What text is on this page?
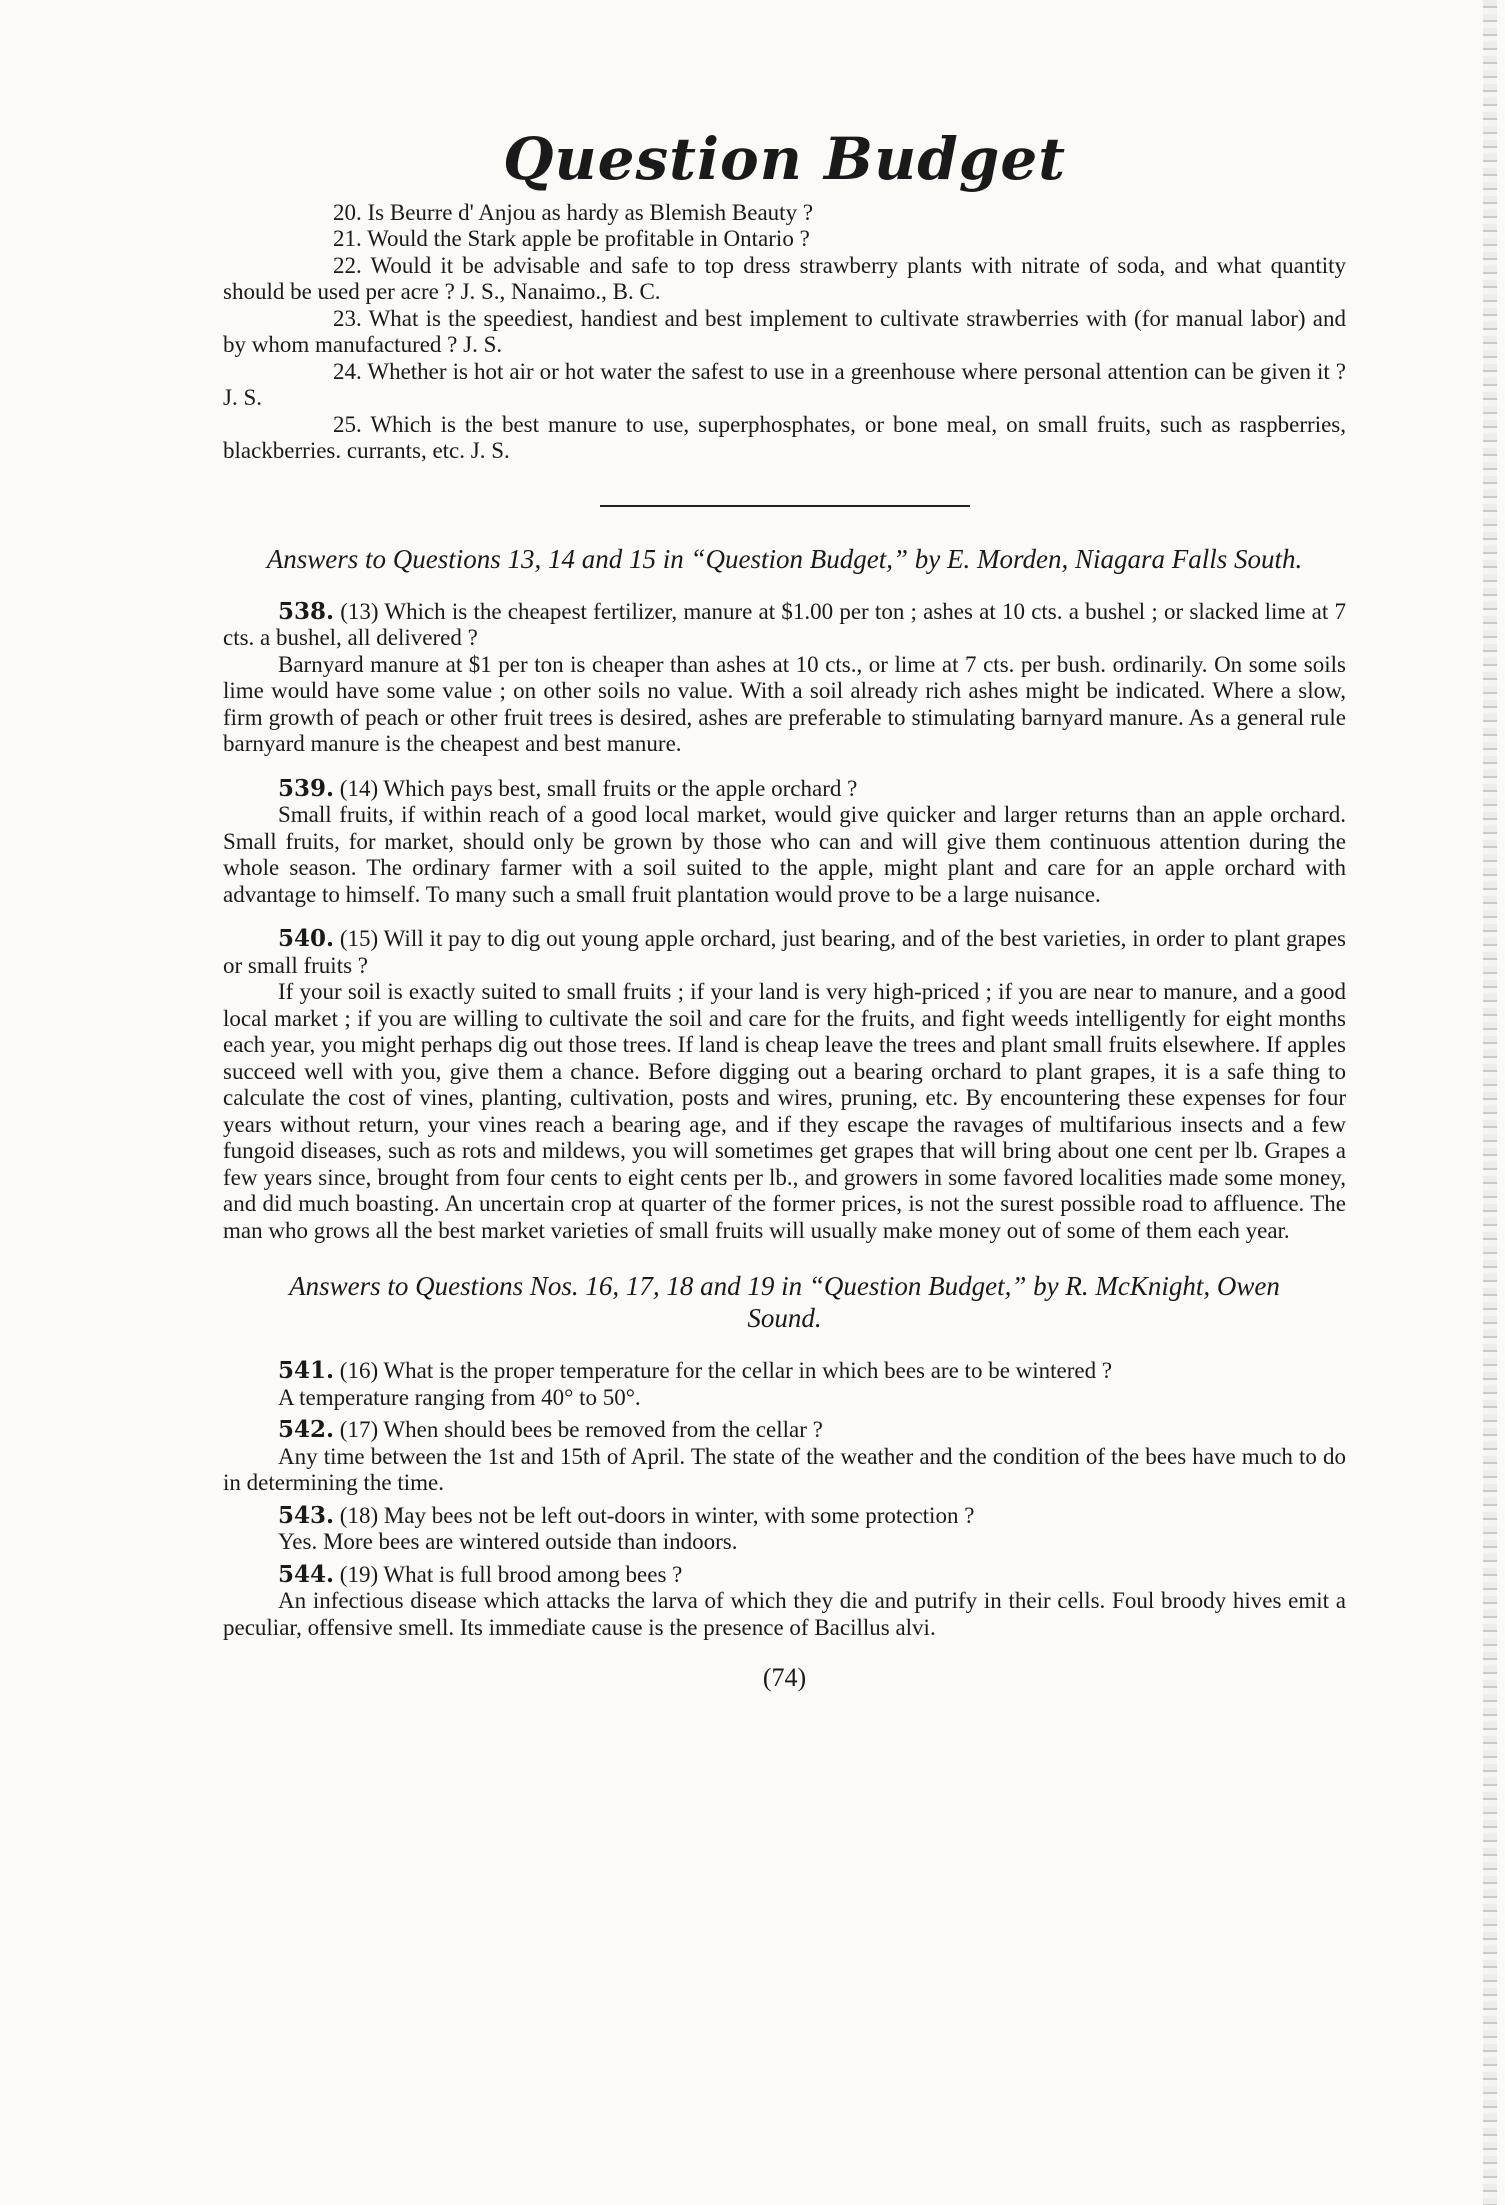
Question Budget

20. Is Beurre d' Anjou as hardy as Blemish Beauty ?

21. Would the Stark apple be profitable in Ontario ?

22. Would it be advisable and safe to top dress strawberry plants with nitrate of soda, and what quantity should be used per acre ? J. S., Nanaimo., B. C.

23. What is the speediest, handiest and best implement to cultivate strawberries with (for manual labor) and by whom manufactured ? J. S.

24. Whether is hot air or hot water the safest to use in a greenhouse where personal attention can be given it ? J. S.

25. Which is the best manure to use, superphosphates, or bone meal, on small fruits, such as raspberries, blackberries. currants, etc. J. S.

Answers to Questions 13, 14 and 15 in “Question Budget,” by E. Morden, Niagara Falls South.

538. (13) Which is the cheapest fertilizer, manure at $1.00 per ton ; ashes at 10 cts. a bushel ; or slacked lime at 7 cts. a bushel, all delivered ?

Barnyard manure at $1 per ton is cheaper than ashes at 10 cts., or lime at 7 cts. per bush. ordinarily. On some soils lime would have some value ; on other soils no value. With a soil already rich ashes might be indicated. Where a slow, firm growth of peach or other fruit trees is desired, ashes are preferable to stimulating barnyard manure. As a general rule barnyard manure is the cheapest and best manure.

539. (14) Which pays best, small fruits or the apple orchard ?

Small fruits, if within reach of a good local market, would give quicker and larger returns than an apple orchard. Small fruits, for market, should only be grown by those who can and will give them continuous attention during the whole season. The ordinary farmer with a soil suited to the apple, might plant and care for an apple orchard with advantage to himself. To many such a small fruit plantation would prove to be a large nuisance.

540. (15) Will it pay to dig out young apple orchard, just bearing, and of the best varieties, in order to plant grapes or small fruits ?

If your soil is exactly suited to small fruits ; if your land is very high-priced ; if you are near to manure, and a good local market ; if you are willing to cultivate the soil and care for the fruits, and fight weeds intelligently for eight months each year, you might perhaps dig out those trees. If land is cheap leave the trees and plant small fruits elsewhere. If apples succeed well with you, give them a chance. Before digging out a bearing orchard to plant grapes, it is a safe thing to calculate the cost of vines, planting, cultivation, posts and wires, pruning, etc. By encountering these expenses for four years without return, your vines reach a bearing age, and if they escape the ravages of multifarious insects and a few fungoid diseases, such as rots and mildews, you will sometimes get grapes that will bring about one cent per lb. Grapes a few years since, brought from four cents to eight cents per lb., and growers in some favored localities made some money, and did much boasting. An uncertain crop at quarter of the former prices, is not the surest possible road to affluence. The man who grows all the best market varieties of small fruits will usually make money out of some of them each year.

Answers to Questions Nos. 16, 17, 18 and 19 in “Question Budget,” by R. McKnight, Owen Sound.

541. (16) What is the proper temperature for the cellar in which bees are to be wintered ?

A temperature ranging from 40° to 50°.

542. (17) When should bees be removed from the cellar ?

Any time between the 1st and 15th of April. The state of the weather and the condition of the bees have much to do in determining the time.

543. (18) May bees not be left out-doors in winter, with some protection ?

Yes. More bees are wintered outside than indoors.

544. (19) What is full brood among bees ?

An infectious disease which attacks the larva of which they die and putrify in their cells. Foul broody hives emit a peculiar, offensive smell. Its immediate cause is the presence of Bacillus alvi.

(74)
